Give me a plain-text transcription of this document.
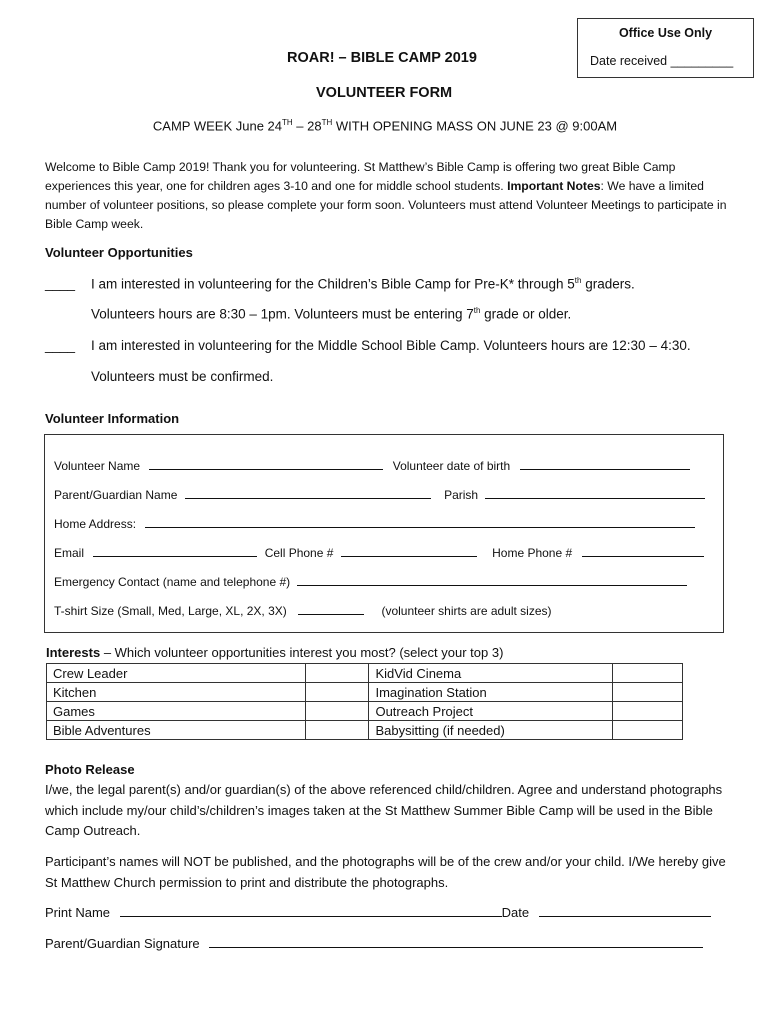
Office Use Only
Date received _________
ROAR! – BIBLE CAMP 2019
VOLUNTEER FORM
CAMP WEEK June 24TH – 28TH WITH OPENING MASS ON JUNE 23 @ 9:00AM
Welcome to Bible Camp 2019! Thank you for volunteering. St Matthew’s Bible Camp is offering two great Bible Camp experiences this year, one for children ages 3-10 and one for middle school students. Important Notes: We have a limited number of volunteer positions, so please complete your form soon. Volunteers must attend Volunteer Meetings to participate in Bible Camp week.
Volunteer Opportunities
____ I am interested in volunteering for the Children’s Bible Camp for Pre-K* through 5th graders.
Volunteers hours are 8:30 – 1pm. Volunteers must be entering 7th grade or older.
____ I am interested in volunteering for the Middle School Bible Camp. Volunteers hours are 12:30 – 4:30.
Volunteers must be confirmed.
Volunteer Information
Volunteer Name	Volunteer date of birth
Parent/Guardian Name	Parish
Home Address:
Email	Cell Phone #	Home Phone #
Emergency Contact (name and telephone #)
T-shirt Size (Small, Med, Large, XL, 2X, 3X)	(volunteer shirts are adult sizes)
Interests – Which volunteer opportunities interest you most? (select your top 3)
Crew Leader		KidVid Cinema	
Kitchen		Imagination Station	
Games		Outreach Project	
Bible Adventures		Babysitting (if needed)	
Photo Release
I/we, the legal parent(s) and/or guardian(s) of the above referenced child/children. Agree and understand photographs which include my/our child’s/children’s images taken at the St Matthew Summer Bible Camp will be used in the Bible Camp Outreach.
Participant’s names will NOT be published, and the photographs will be of the crew and/or your child. I/We hereby give St Matthew Church permission to print and distribute the photographs.
Print Name	Date
Parent/Guardian Signature
